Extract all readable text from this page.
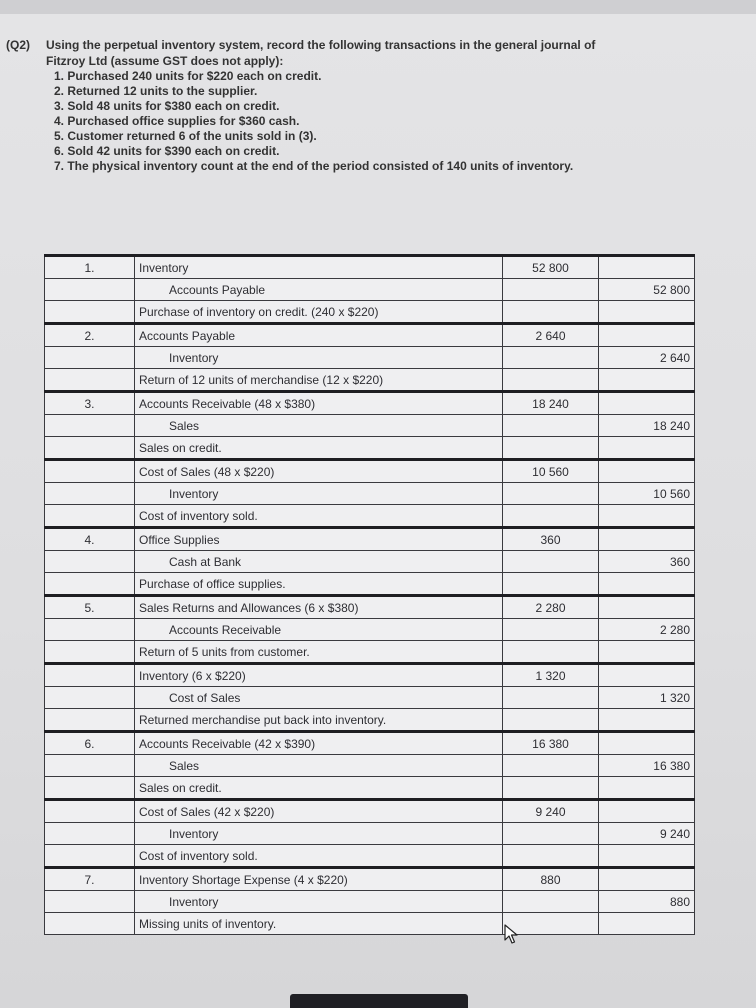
(Q2)	Using the perpetual inventory system, record the following transactions in the general journal of
Fitzroy Ltd (assume GST does not apply):
1. Purchased 240 units for $220 each on credit.
2. Returned 12 units to the supplier.
3. Sold 48 units for $380 each on credit.
4. Purchased office supplies for $360 cash.
5. Customer returned 6 of the units sold in (3).
6. Sold 42 units for $390 each on credit.
7. The physical inventory count at the end of the period consisted of 140 units of inventory.
1.	Inventory	52 800	
	Accounts Payable		52 800
	Purchase of inventory on credit. (240 x $220)		
2.	Accounts Payable	2 640	
	Inventory		2 640
	Return of 12 units of merchandise (12 x $220)		
3.	Accounts Receivable (48 x $380)	18 240	
	Sales		18 240
	Sales on credit.		
	Cost of Sales (48 x $220)	10 560	
	Inventory		10 560
	Cost of inventory sold.		
4.	Office Supplies	360	
	Cash at Bank		360
	Purchase of office supplies.		
5.	Sales Returns and Allowances (6 x $380)	2 280	
	Accounts Receivable		2 280
	Return of 5 units from customer.		
	Inventory (6 x $220)	1 320	
	Cost of Sales		1 320
	Returned merchandise put back into inventory.		
6.	Accounts Receivable (42 x $390)	16 380	
	Sales		16 380
	Sales on credit.		
	Cost of Sales (42 x $220)	9 240	
	Inventory		9 240
	Cost of inventory sold.		
7.	Inventory Shortage Expense (4 x $220)	880	
	Inventory		880
	Missing units of inventory.		
